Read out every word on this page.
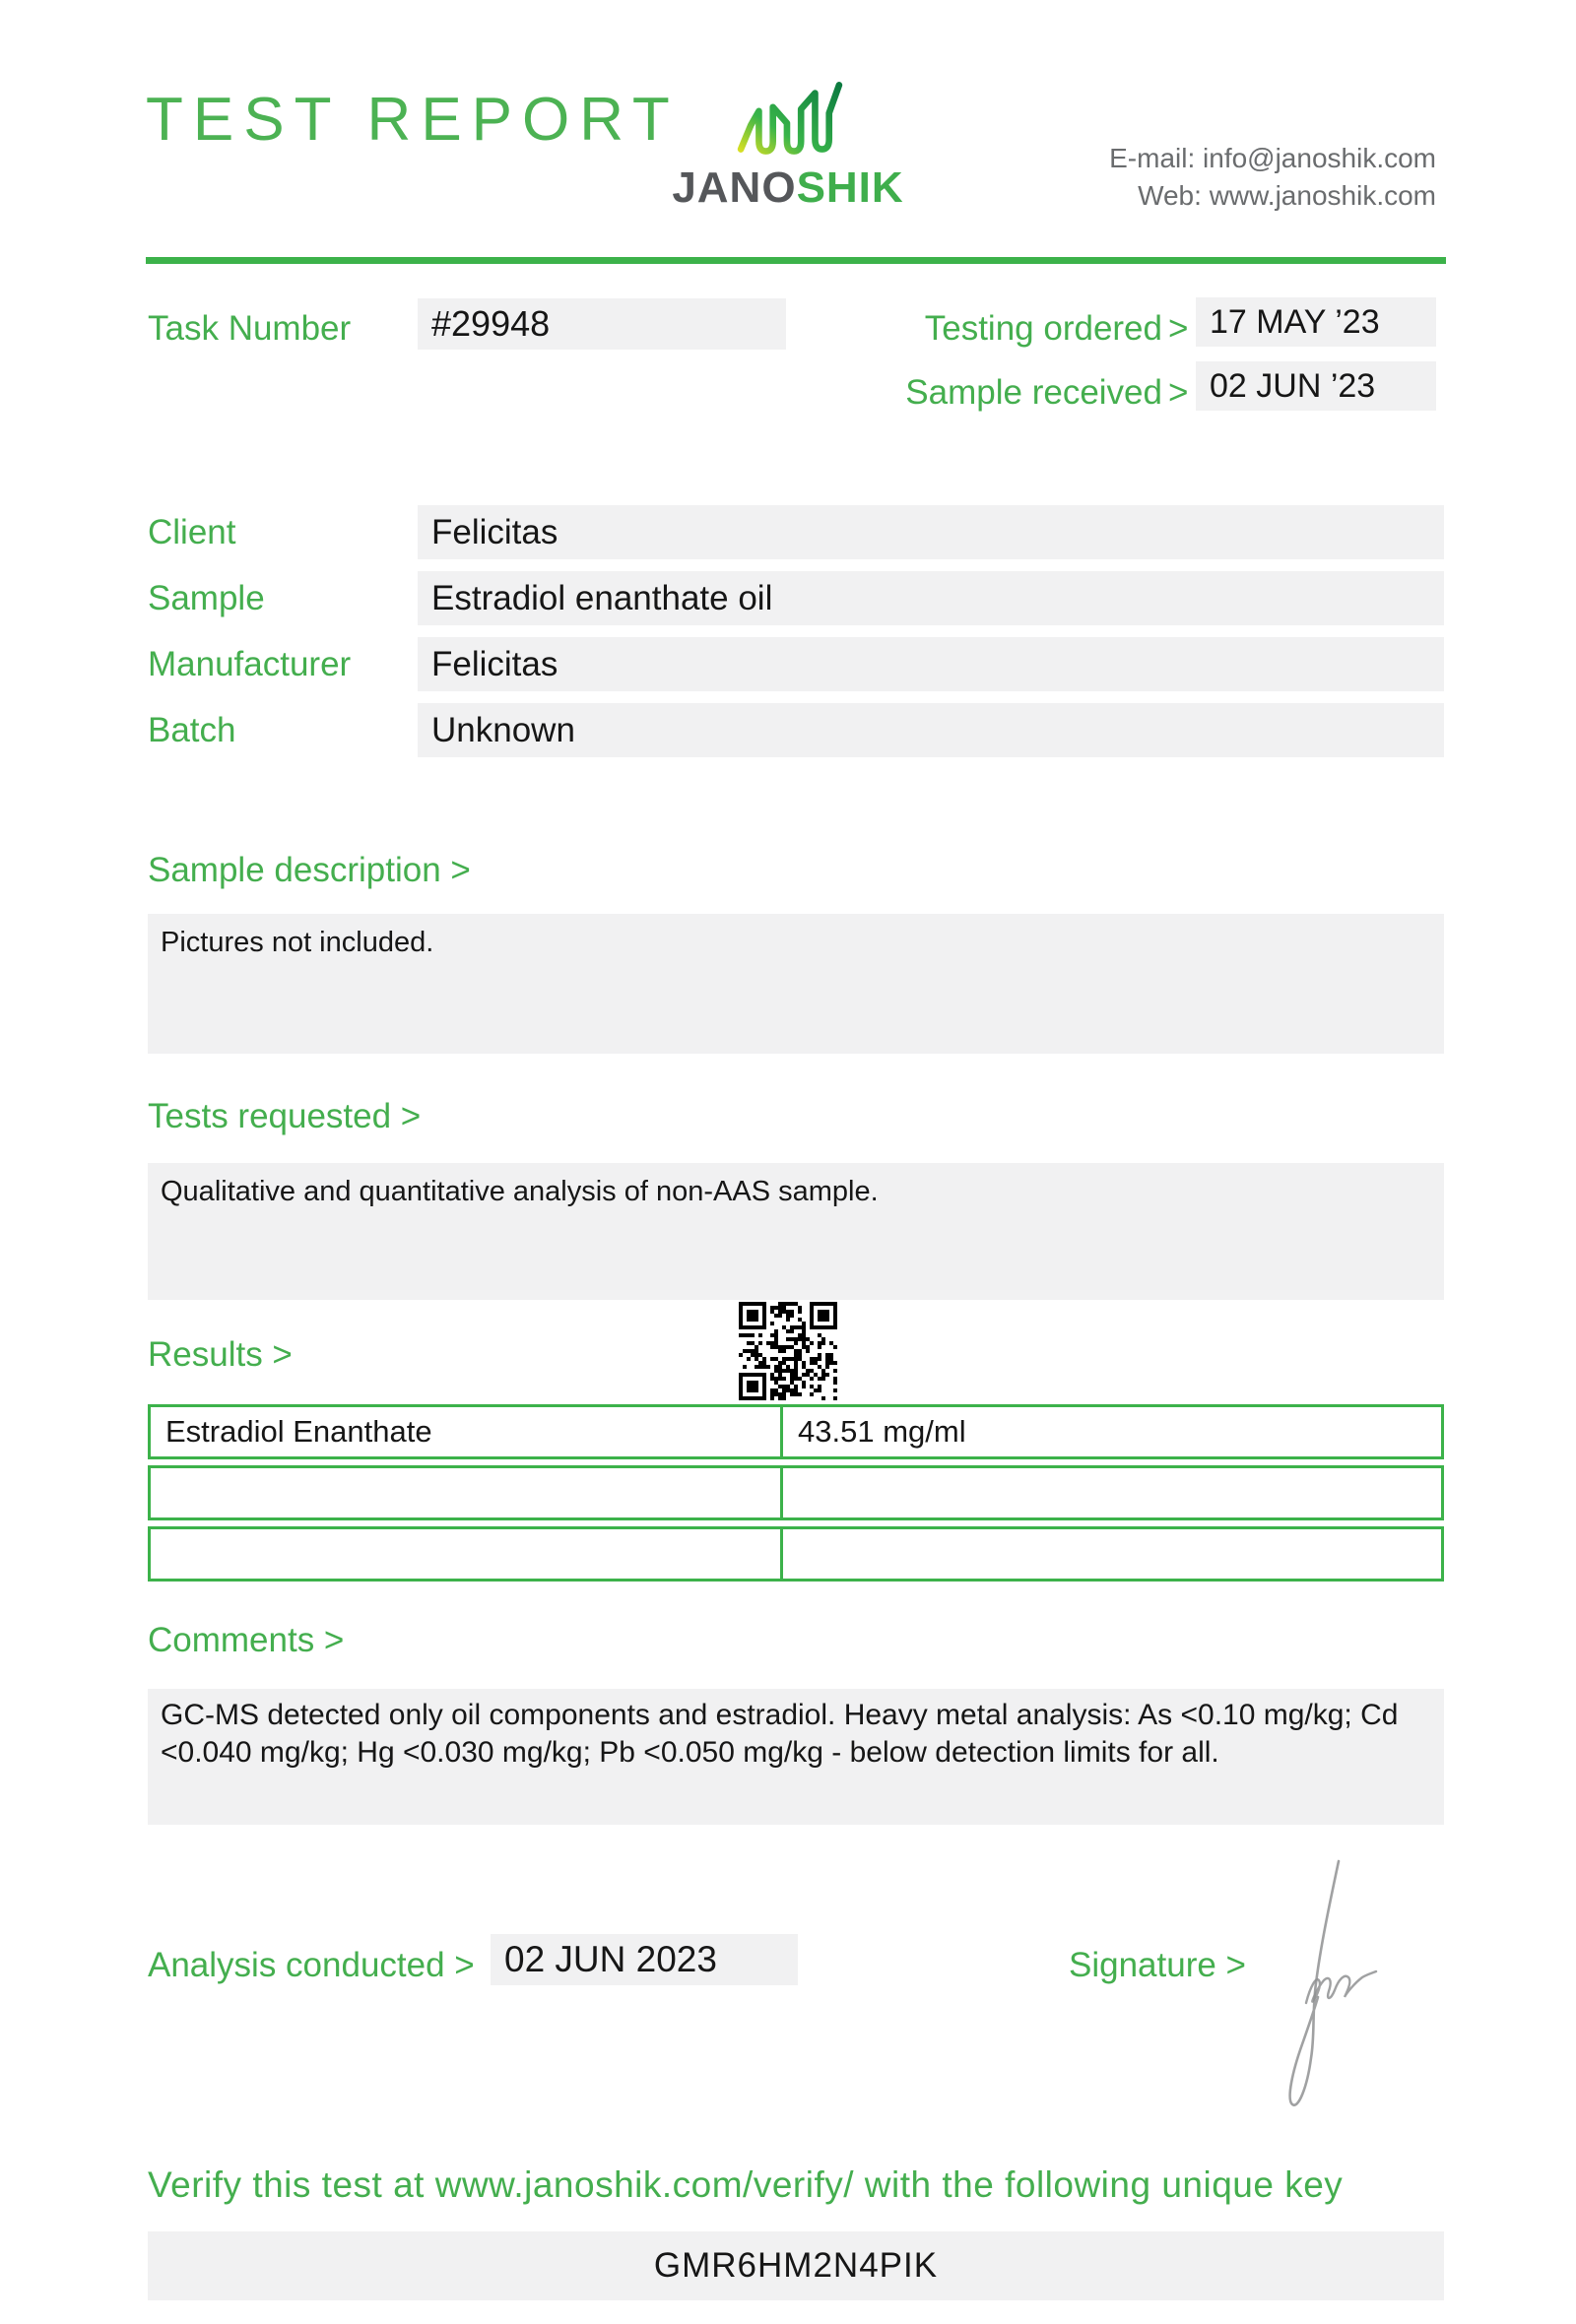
TEST REPORT
JANOSHIK
E-mail: info@janoshik.com
Web: www.janoshik.com
Task Number #29948	Testing ordered > 17 MAY ’23
Sample received > 02 JUN ’23
Client	Felicitas
Sample	Estradiol enanthate oil
Manufacturer	Felicitas
Batch	Unknown
Sample description >
Pictures not included.
Tests requested >
Qualitative and quantitative analysis of non-AAS sample.
Results >
Estradiol Enanthate	43.51 mg/ml
Comments >
GC-MS detected only oil components and estradiol. Heavy metal analysis: As <0.10 mg/kg; Cd <0.040 mg/kg; Hg <0.030 mg/kg; Pb <0.050 mg/kg - below detection limits for all.
Analysis conducted > 02 JUN 2023	Signature >
Verify this test at www.janoshik.com/verify/ with the following unique key
GMR6HM2N4PIK
